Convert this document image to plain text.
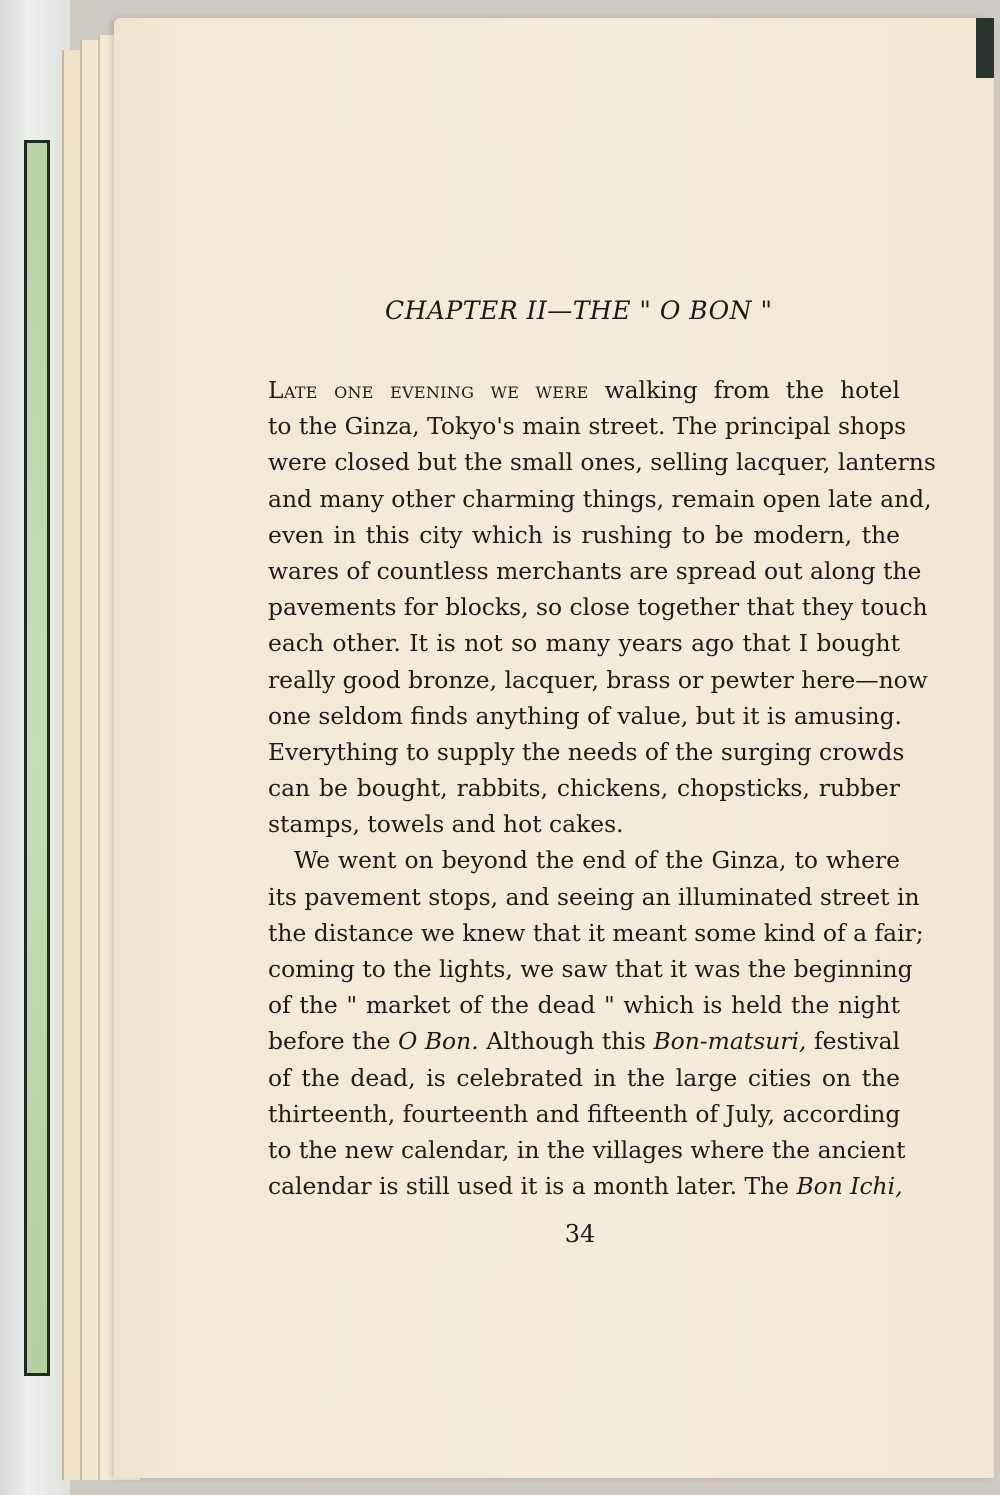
CHAPTER II—THE " O BON "
Late one evening we were walking from the hotel
to the Ginza, Tokyo's main street. The principal shops
were closed but the small ones, selling lacquer, lanterns
and many other charming things, remain open late and,
even in this city which is rushing to be modern, the
wares of countless merchants are spread out along the
pavements for blocks, so close together that they touch
each other. It is not so many years ago that I bought
really good bronze, lacquer, brass or pewter here—now
one seldom finds anything of value, but it is amusing.
Everything to supply the needs of the surging crowds
can be bought, rabbits, chickens, chopsticks, rubber
stamps, towels and hot cakes.
We went on beyond the end of the Ginza, to where
its pavement stops, and seeing an illuminated street in
the distance we knew that it meant some kind of a fair;
coming to the lights, we saw that it was the beginning
of the " market of the dead " which is held the night
before the O Bon. Although this Bon-matsuri, festival
of the dead, is celebrated in the large cities on the
thirteenth, fourteenth and fifteenth of July, according
to the new calendar, in the villages where the ancient
calendar is still used it is a month later. The Bon Ichi,
34
